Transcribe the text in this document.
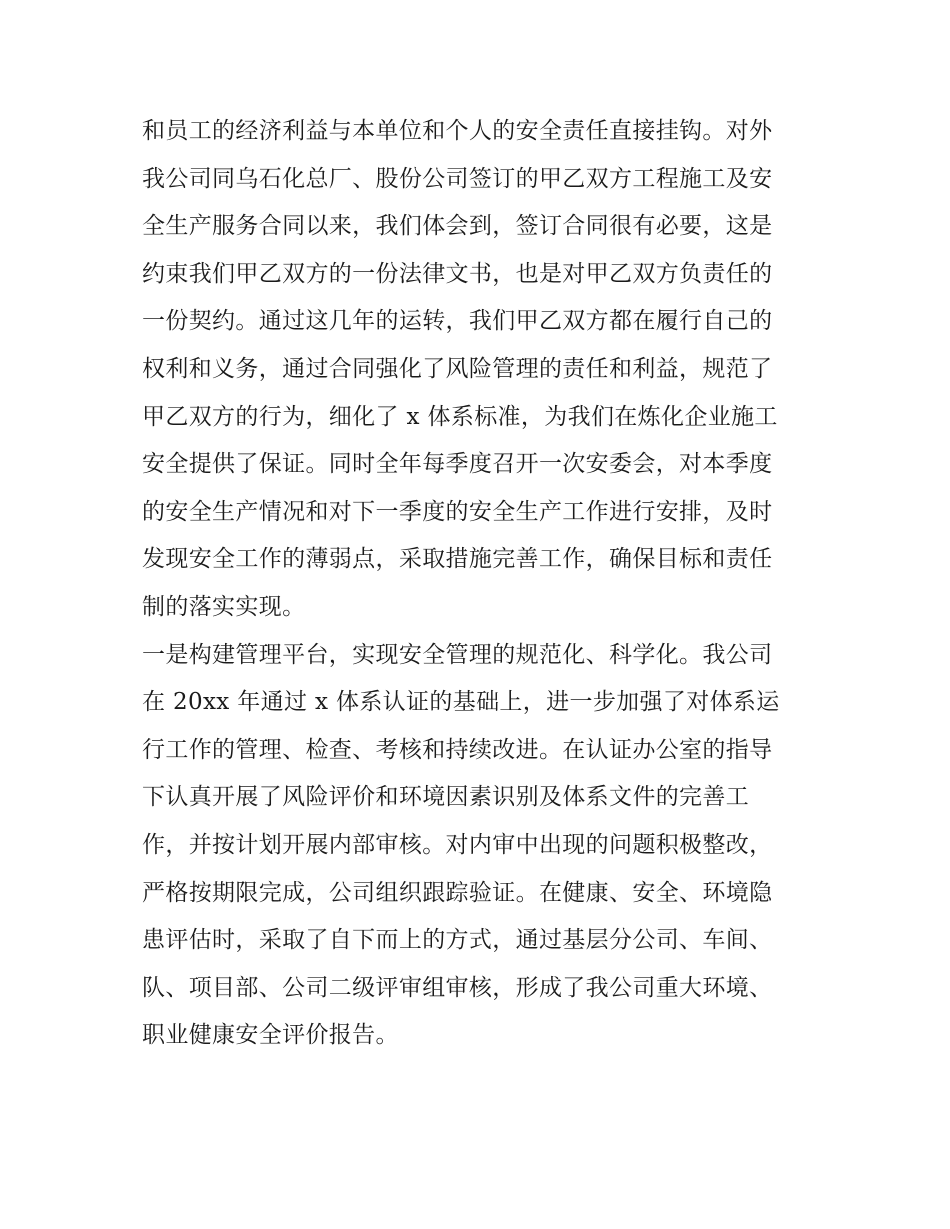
和员工的经济利益与本单位和个人的安全责任直接挂钩。对外
我公司同乌石化总厂、股份公司签订的甲乙双方工程施工及安
全生产服务合同以来，我们体会到，签订合同很有必要，这是
约束我们甲乙双方的一份法律文书，也是对甲乙双方负责任的
一份契约。通过这几年的运转，我们甲乙双方都在履行自己的
权利和义务，通过合同强化了风险管理的责任和利益，规范了
甲乙双方的行为，细化了 x 体系标准，为我们在炼化企业施工
安全提供了保证。同时全年每季度召开一次安委会，对本季度
的安全生产情况和对下一季度的安全生产工作进行安排，及时
发现安全工作的薄弱点，采取措施完善工作，确保目标和责任
制的落实实现。
一是构建管理平台，实现安全管理的规范化、科学化。我公司
在 20xx 年通过 x 体系认证的基础上，进一步加强了对体系运
行工作的管理、检查、考核和持续改进。在认证办公室的指导
下认真开展了风险评价和环境因素识别及体系文件的完善工
作，并按计划开展内部审核。对内审中出现的问题积极整改，
严格按期限完成，公司组织跟踪验证。在健康、安全、环境隐
患评估时，采取了自下而上的方式，通过基层分公司、车间、
队、项目部、公司二级评审组审核，形成了我公司重大环境、
职业健康安全评价报告。
